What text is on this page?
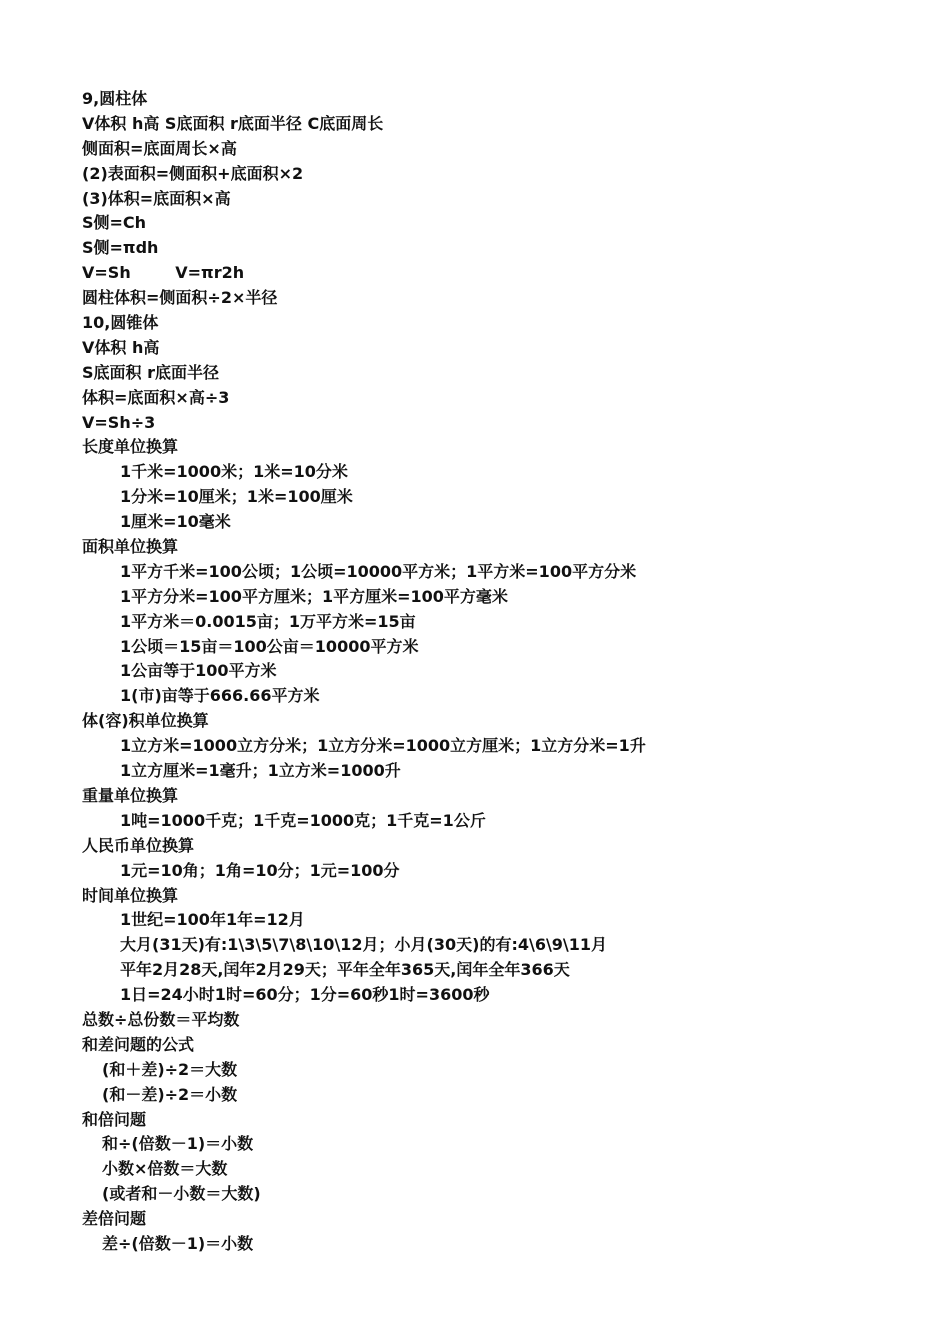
9,圆柱体
V体积 h高 S底面积 r底面半径 C底面周长
侧面积=底面周长×高
(2)表面积=侧面积+底面积×2
(3)体积=底面积×高
S侧=Ch
S侧=πdh
V=Sh        V=πr2h
圆柱体积=侧面积÷2×半径
10,圆锥体
V体积 h高
S底面积 r底面半径
体积=底面积×高÷3
V=Sh÷3
长度单位换算
1千米=1000米；1米=10分米
1分米=10厘米；1米=100厘米
1厘米=10毫米
面积单位换算
1平方千米=100公顷；1公顷=10000平方米；1平方米=100平方分米
1平方分米=100平方厘米；1平方厘米=100平方毫米
1平方米＝0.0015亩；1万平方米=15亩
1公顷＝15亩＝100公亩＝10000平方米
1公亩等于100平方米
1(市)亩等于666.66平方米
体(容)积单位换算
1立方米=1000立方分米；1立方分米=1000立方厘米；1立方分米=1升
1立方厘米=1毫升；1立方米=1000升
重量单位换算
1吨=1000千克；1千克=1000克；1千克=1公斤
人民币单位换算
1元=10角；1角=10分；1元=100分
时间单位换算
1世纪=100年1年=12月
大月(31天)有:1\3\5\7\8\10\12月；小月(30天)的有:4\6\9\11月
平年2月28天,闰年2月29天；平年全年365天,闰年全年366天
1日=24小时1时=60分；1分=60秒1时=3600秒
总数÷总份数＝平均数
和差问题的公式
(和＋差)÷2＝大数
(和－差)÷2＝小数
和倍问题
和÷(倍数－1)＝小数
小数×倍数＝大数
(或者和－小数＝大数)
差倍问题
差÷(倍数－1)＝小数
